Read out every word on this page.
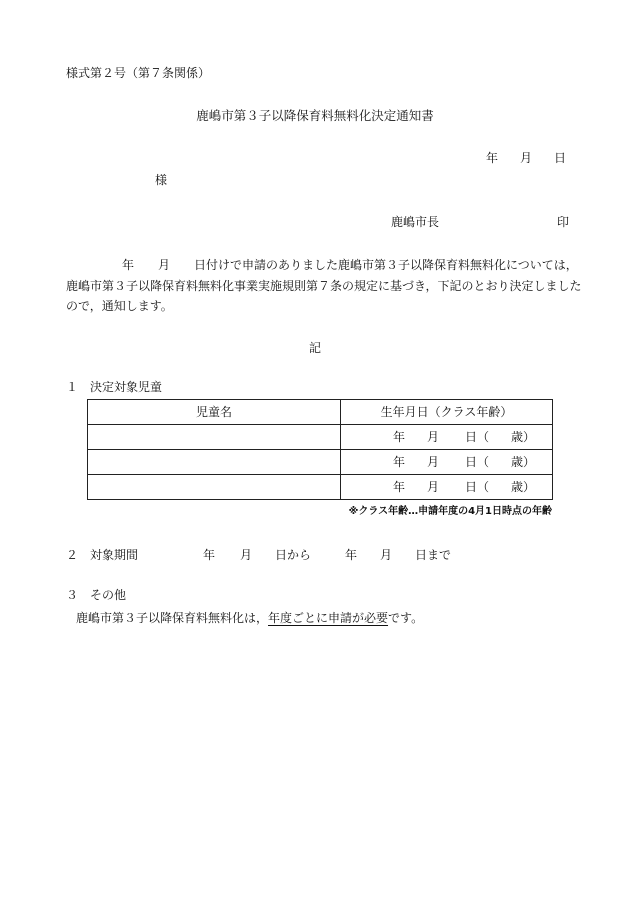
様式第２号（第７条関係）
鹿嶋市第３子以降保育料無料化決定通知書
年 月 日
様
鹿嶋市長	印
年　　月　　日付けで申請のありました鹿嶋市第３子以降保育料無料化については，
鹿嶋市第３子以降保育料無料化事業実施規則第７条の規定に基づき，下記のとおり決定しました
ので，通知します。
記
１　決定対象児童
児童名	生年月日（クラス年齢）

	年 月 日（ 歳）

	年 月 日（ 歳）

	年 月 日（ 歳）
※クラス年齢…申請年度の4月1日時点の年齢
２　対象期間	年 月 日から	年 月 日まで
３　その他
鹿嶋市第３子以降保育料無料化は，年度ごとに申請が必要です。
